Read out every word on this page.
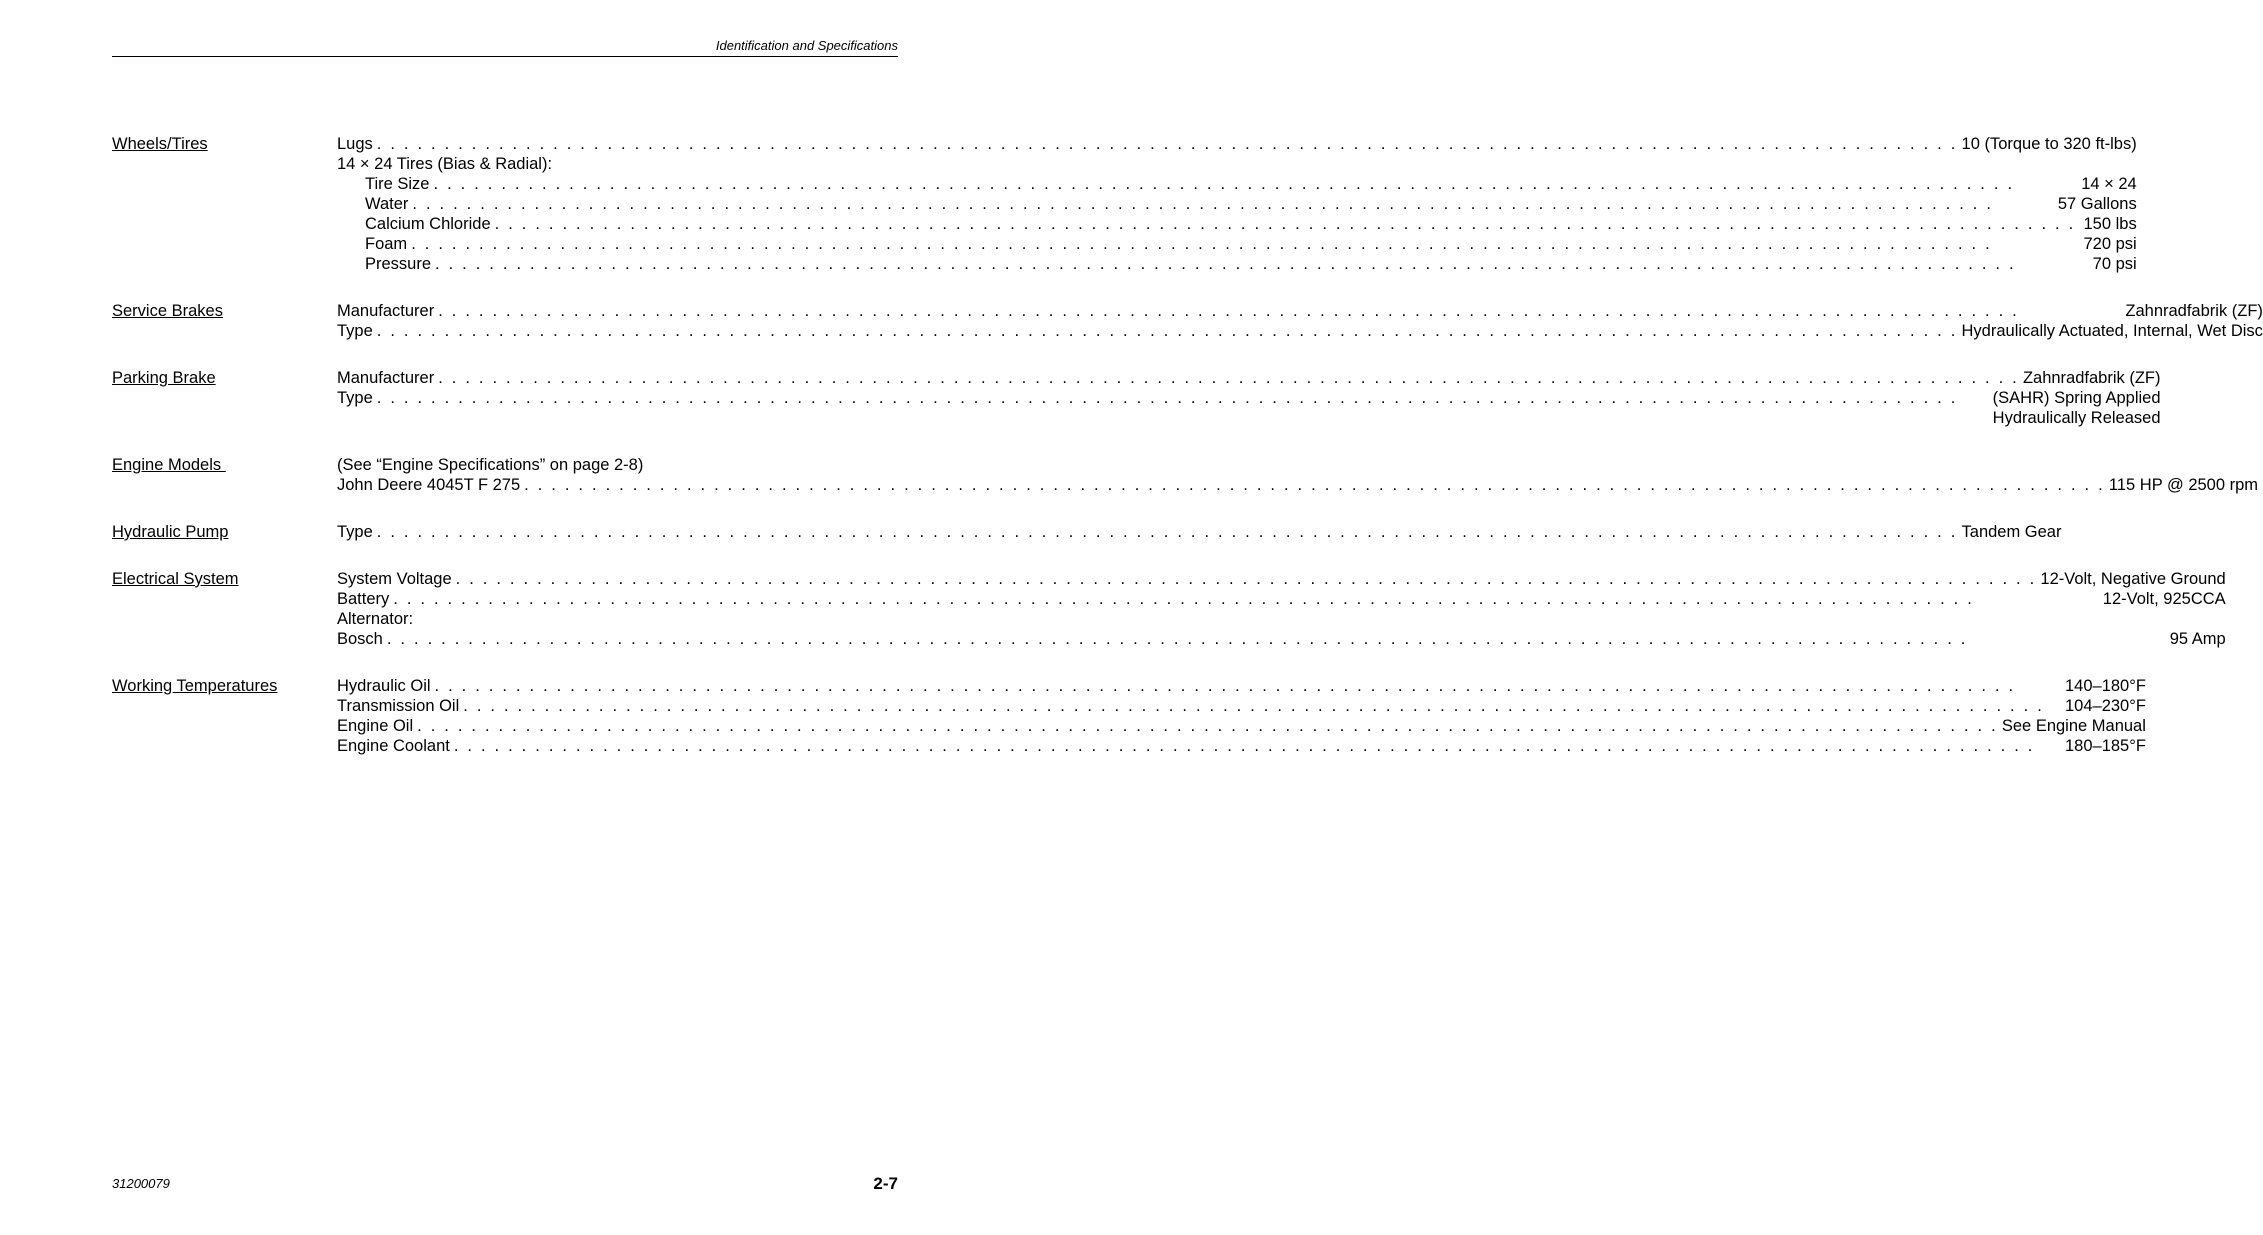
Identification and Specifications
Wheels/Tires	Lugs . . .	10 (Torque to 320 ft-lbs)
14 × 24 Tires (Bias & Radial):
Tire Size . . .	14 × 24
Water . . .	57 Gallons
Calcium Chloride . . .	150 lbs
Foam . . .	720 psi
Pressure . . .	70 psi
Service Brakes	Manufacturer . . .	Zahnradfabrik (ZF)
Type . . .	Hydraulically Actuated, Internal, Wet Disc
Parking Brake	Manufacturer . . .	Zahnradfabrik (ZF)
Type . . .	(SAHR) Spring Applied
Hydraulically Released
Engine Models	(See “Engine Specifications” on page 2-8)
John Deere 4045T F 275 . . .	115 HP @ 2500 rpm
Hydraulic Pump	Type . . .	Tandem Gear
Electrical System	System Voltage . . .	12-Volt, Negative Ground
Battery . . .	12-Volt, 925CCA
Alternator:
Bosch . . .	95 Amp
Working Temperatures	Hydraulic Oil . . .	140–180°F
Transmission Oil . . .	104–230°F
Engine Oil . . .	See Engine Manual
Engine Coolant . . .	180–185°F
31200079	2-7
